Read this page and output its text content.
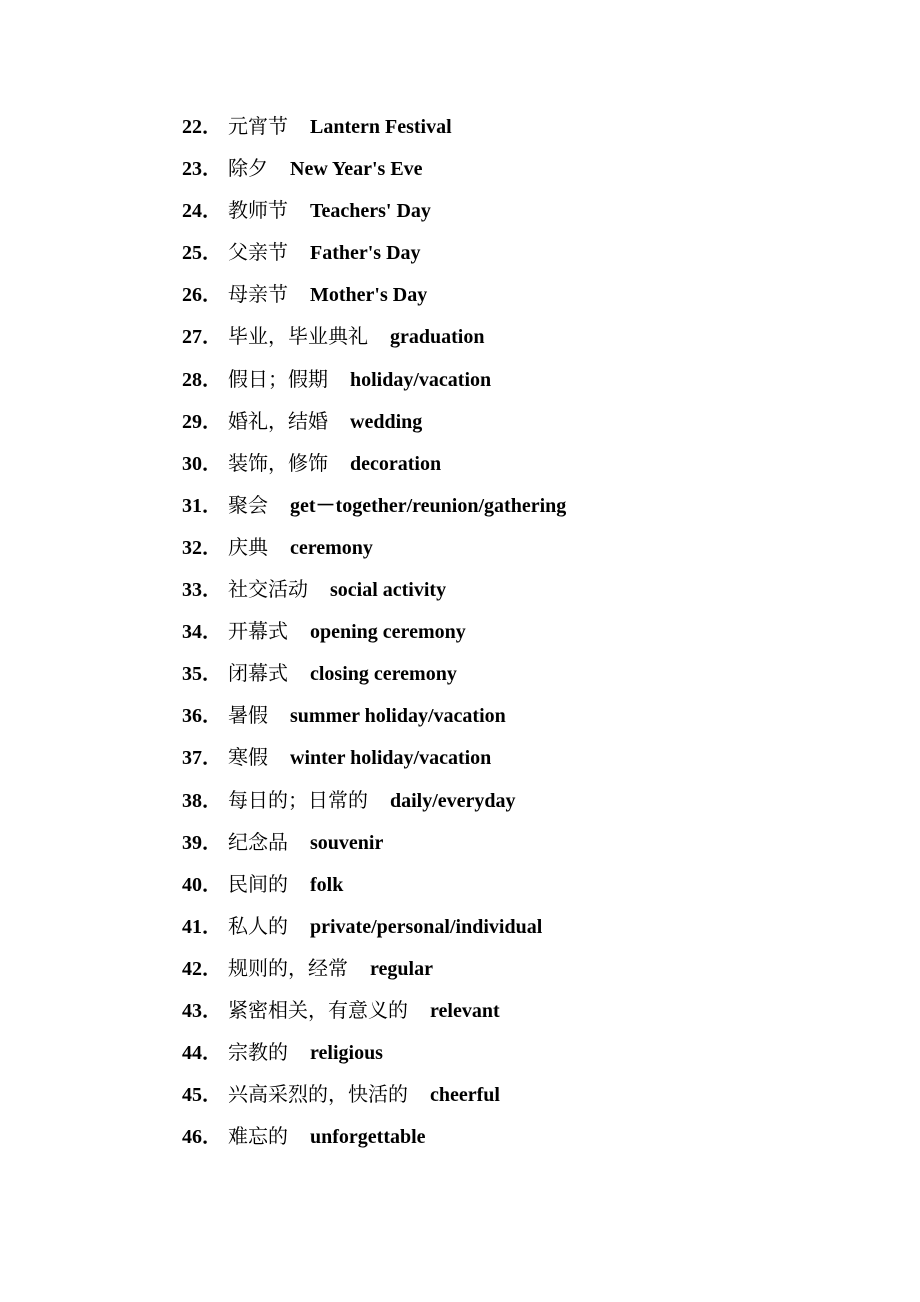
22． 元宵节 Lantern Festival
23． 除夕 New Year's Eve
24． 教师节 Teachers' Day
25． 父亲节 Father's Day
26． 母亲节 Mother's Day
27． 毕业，毕业典礼 graduation
28． 假日；假期 holiday/vacation
29． 婚礼，结婚 wedding
30． 装饰，修饰 decoration
31． 聚会 get－together/reunion/gathering
32． 庆典 ceremony
33． 社交活动 social activity
34． 开幕式 opening ceremony
35． 闭幕式 closing ceremony
36． 暑假 summer holiday/vacation
37． 寒假 winter holiday/vacation
38． 每日的；日常的 daily/everyday
39． 纪念品 souvenir
40． 民间的 folk
41． 私人的 private/personal/individual
42． 规则的，经常 regular
43． 紧密相关，有意义的 relevant
44． 宗教的 religious
45． 兴高采烈的，快活的 cheerful
46． 难忘的 unforgettable
